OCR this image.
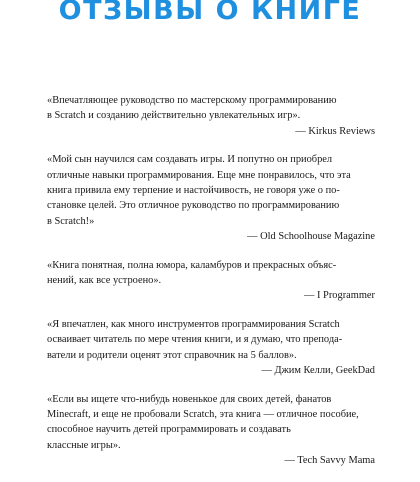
ОТЗЫВЫ О КНИГЕ

«Впечатляющее руководство по мастерскому программированию
в Scratch и созданию действительно увлекательных игр».

— Kirkus Reviews

«Мой сын научился сам создавать игры. И попутно он приобрел
отличные навыки программирования. Еще мне понравилось, что эта
книга привила ему терпение и настойчивость, не говоря уже о по-
становке целей. Это отличное руководство по программированию
в Scratch!»

— Old Schoolhouse Magazine

«Книга понятная, полна юмора, каламбуров и прекрасных объяс-
нений, как все устроено».

— I Programmer

«Я впечатлен, как много инструментов программирования Scratch
осваивает читатель по мере чтения книги, и я думаю, что препода-
ватели и родители оценят этот справочник на 5 баллов».

— Джим Келли, GeekDad

«Если вы ищете что-нибудь новенькое для своих детей, фанатов
Minecraft, и еще не пробовали Scratch, эта книга — отличное пособие,
способное научить детей программировать и создавать
классные игры».

— Tech Savvy Mama
